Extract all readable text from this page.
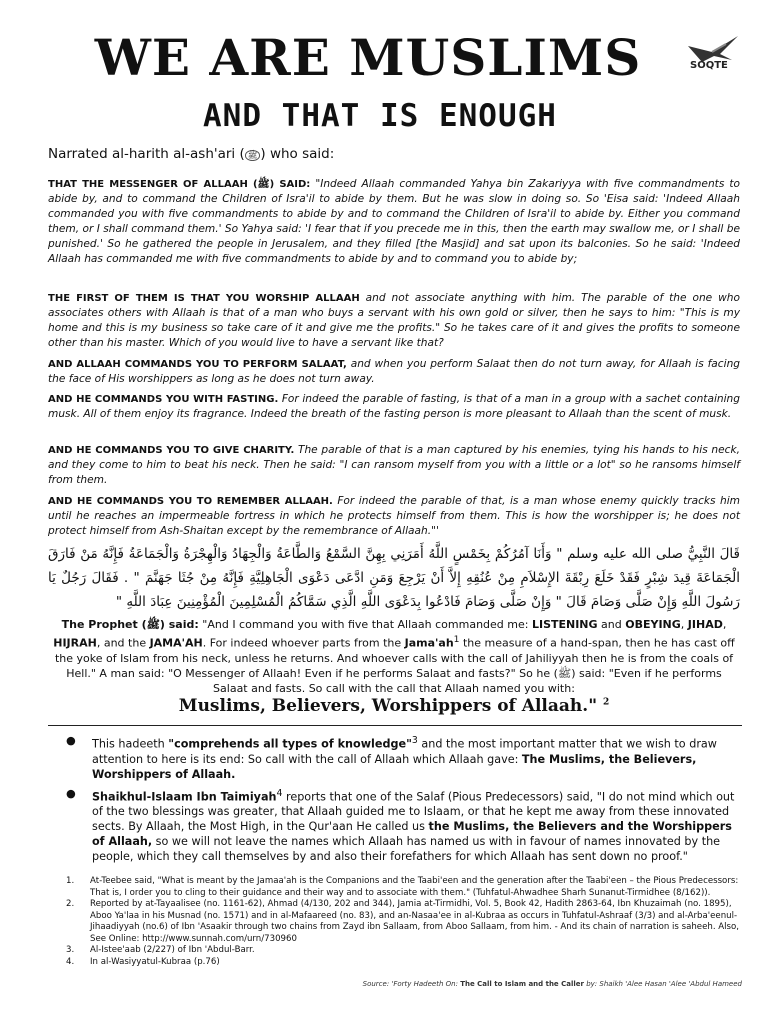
WE ARE MUSLIMS	SOQTE
AND THAT IS ENOUGH
Narrated al-harith al-ash'ari ( ﷺ ) who said:
THAT THE MESSENGER OF ALLAAH (ﷺ) SAID: "Indeed Allaah commanded Yahya bin Zakariyya with five commandments to abide by, and to command the Children of Isra'il to abide by them. But he was slow in doing so. So 'Eisa said: 'Indeed Allaah commanded you with five commandments to abide by and to command the Children of Isra'il to abide by. Either you command them, or I shall command them.' So Yahya said: 'I fear that if you precede me in this, then the earth may swallow me, or I shall be punished.' So he gathered the people in Jerusalem, and they filled [the Masjid] and sat upon its balconies. So he said: 'Indeed Allaah has commanded me with five commandments to abide by and to command you to abide by;
THE FIRST OF THEM IS THAT YOU WORSHIP ALLAAH and not associate anything with him. The parable of the one who associates others with Allaah is that of a man who buys a servant with his own gold or silver, then he says to him: "This is my home and this is my business so take care of it and give me the profits." So he takes care of it and gives the profits to someone other than his master. Which of you would live to have a servant like that?
AND ALLAAH COMMANDS YOU TO PERFORM SALAAT, and when you perform Salaat then do not turn away, for Allaah is facing the face of His worshippers as long as he does not turn away.
AND HE COMMANDS YOU WITH FASTING. For indeed the parable of fasting, is that of a man in a group with a sachet containing musk. All of them enjoy its fragrance. Indeed the breath of the fasting person is more pleasant to Allaah than the scent of musk.
AND HE COMMANDS YOU TO GIVE CHARITY. The parable of that is a man captured by his enemies, tying his hands to his neck, and they come to him to beat his neck. Then he said: "I can ransom myself from you with a little or a lot" so he ransoms himself from them.
AND HE COMMANDS YOU TO REMEMBER ALLAAH. For indeed the parable of that, is a man whose enemy quickly tracks him until he reaches an impermeable fortress in which he protects himself from them. This is how the worshipper is; he does not protect himself from Ash-Shaitan except by the remembrance of Allaah."'
قَالَ النَّبِيُّ صلى الله عليه وسلم " وَأَنَا آمُرُكُمْ بِخَمْسٍ اللَّهُ أَمَرَنِي بِهِنَّ السَّمْعُ وَالطَّاعَةُ وَالْجِهَادُ وَالْهِجْرَةُ وَالْجَمَاعَةُ فَإِنَّهُ مَنْ فَارَقَ الْجَمَاعَةَ قِيدَ شِبْرٍ فَقَدْ خَلَعَ رِبْقَةَ الإِسْلاَمِ مِنْ عُنُقِهِ إِلاَّ أَنْ يَرْجِعَ وَمَنِ ادَّعَى دَعْوَى الْجَاهِلِيَّةِ فَإِنَّهُ مِنْ جُثَا جَهَنَّمَ " . فَقَالَ رَجُلٌ يَا رَسُولَ اللَّهِ وَإِنْ صَلَّى وَصَامَ قَالَ " وَإِنْ صَلَّى وَصَامَ فَادْعُوا بِدَعْوَى اللَّهِ الَّذِي سَمَّاكُمُ الْمُسْلِمِينَ الْمُؤْمِنِينَ عِبَادَ اللَّهِ "
The Prophet (ﷺ) said: "And I command you with five that Allaah commanded me: LISTENING and OBEYING, JIHAD, HIJRAH, and the JAMA'AH. For indeed whoever parts from the $Jama'ah^1$ the measure of a hand-span, then he has cast off the yoke of Islam from his neck, unless he returns. And whoever calls with the call of Jahiliyyah then he is from the coals of Hell." A man said: "O Messenger of Allaah! Even if he performs Salaat and fasts?" So he (ﷺ) said: "Even if he performs Salaat and fasts. So call with the call that Allaah named you with:
Muslims, Believers, Worshippers of Allaah." $^2$
● This hadeeth "comprehends all types of knowledge"$^3$ and the most important matter that we wish to draw attention to here is its end: So call with the call of Allaah which Allaah gave: The Muslims, the Believers, Worshippers of Allaah.
● Shaikhul-Islaam Ibn Taimiyah$^4$ reports that one of the Salaf (Pious Predecessors) said, "I do not mind which out of the two blessings was greater, that Allaah guided me to Islaam, or that he kept me away from these innovated sects. By Allaah, the Most High, in the Qur'aan He called us the Muslims, the Believers and the Worshippers of Allaah, so we will not leave the names which Allaah has named us with in favour of names innovated by the people, which they call themselves by and also their forefathers for which Allaah has sent down no proof."
1. At-Teebee said, "What is meant by the Jamaa'ah is the Companions and the Taabi'een and the generation after the Taabi'een – the Pious Predecessors: That is, I order you to cling to their guidance and their way and to associate with them." (Tuhfatul-Ahwadhee Sharh Sunanut-Tirmidhee (8/162)).
2. Reported by at-Tayaalisee (no. 1161-62), Ahmad (4/130, 202 and 344), Jamia at-Tirmidhi, Vol. 5, Book 42, Hadith 2863-64, Ibn Khuzaimah (no. 1895), Aboo Ya'laa in his Musnad (no. 1571) and in al-Mafaareed (no. 83), and an-Nasaa'ee in al-Kubraa as occurs in Tuhfatul-Ashraaf (3/3) and al-Arba'eenul-Jihaadiyyah (no.6) of Ibn 'Asaakir through two chains from Zayd ibn Sallaam, from Aboo Sallaam, from him. - And its chain of narration is saheeh. Also, See Online: http://www.sunnah.com/urn/730960
3. Al-Istee'aab (2/227) of Ibn 'Abdul-Barr.
4. In al-Wasiyyatul-Kubraa (p.76)
Source: 'Forty Hadeeth On: The Call to Islam and the Caller by: Shaikh 'Alee Hasan 'Alee 'Abdul Hameed
